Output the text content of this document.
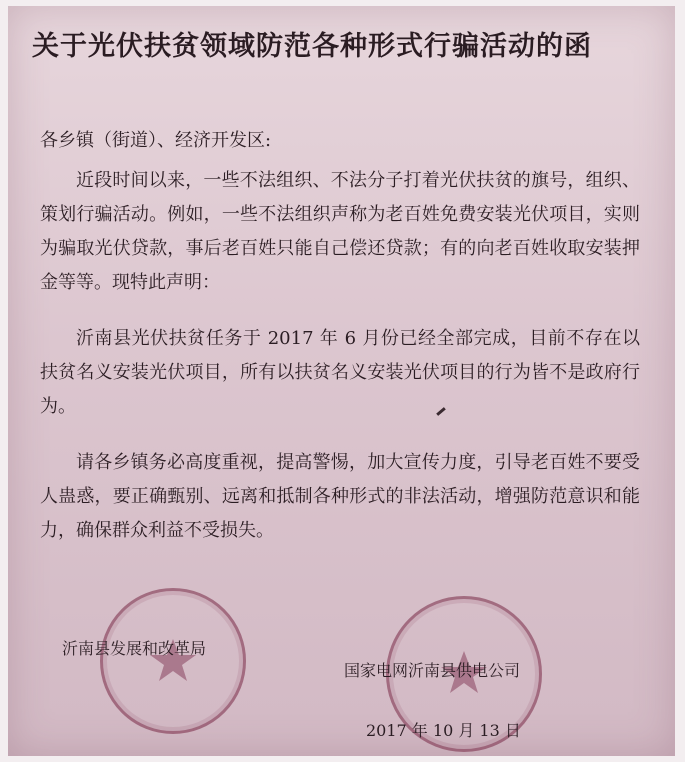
关于光伏扶贫领域防范各种形式行骗活动的函
各乡镇（街道）、经济开发区:

近段时间以来，一些不法组织、不法分子打着光伏扶贫的旗号，组织、策划行骗活动。例如，一些不法组织声称为老百姓免费安装光伏项目，实则为骗取光伏贷款，事后老百姓只能自己偿还贷款；有的向老百姓收取安装押金等等。现特此声明：

沂南县光伏扶贫任务于 2017 年 6 月份已经全部完成，目前不存在以扶贫名义安装光伏项目，所有以扶贫名义安装光伏项目的行为皆不是政府行为。

请各乡镇务必高度重视，提高警惕，加大宣传力度，引导老百姓不要受人蛊惑，要正确甄别、远离和抵制各种形式的非法活动，增强防范意识和能力，确保群众利益不受损失。

沂南县发展和改革局
国家电网沂南县供电公司
2017 年 10 月 13 日
